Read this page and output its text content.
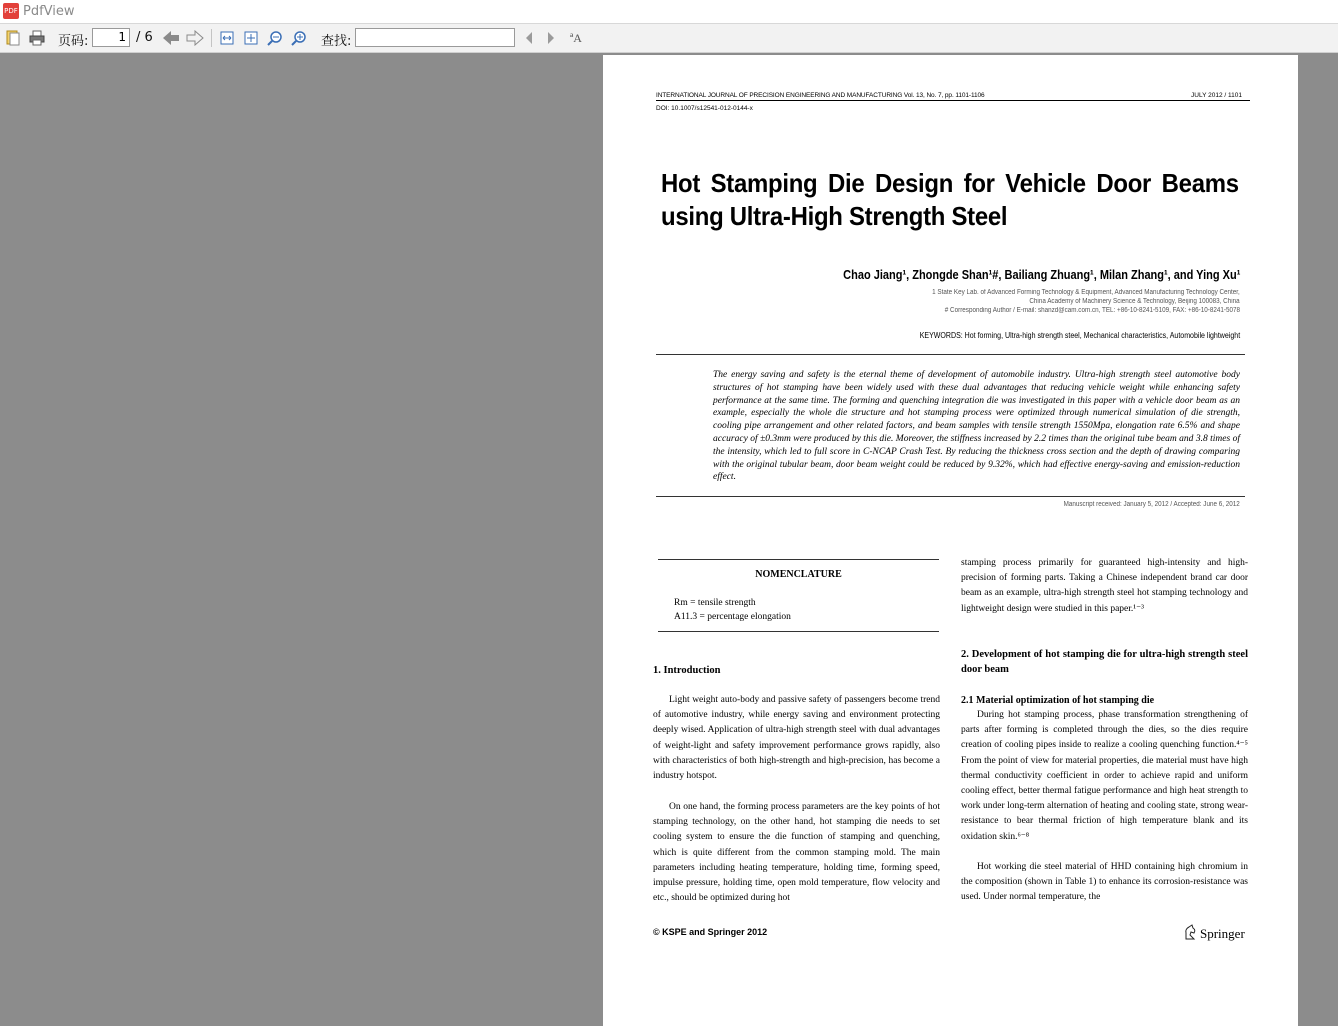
PDF PdfView
页码:	1 / 6	查找:	ªA
INTERNATIONAL JOURNAL OF PRECISION ENGINEERING AND MANUFACTURING Vol. 13, No. 7, pp. 1101-1106	JULY 2012 / 1101
DOI: 10.1007/s12541-012-0144-x
Hot Stamping Die Design for Vehicle Door Beams using Ultra-High Strength Steel
Chao Jiang¹, Zhongde Shan¹#, Bailiang Zhuang¹, Milan Zhang¹, and Ying Xu¹
1 State Key Lab. of Advanced Forming Technology & Equipment, Advanced Manufacturing Technology Center,
China Academy of Machinery Science & Technology, Beijing 100083, China
# Corresponding Author / E-mail: shanzd@cam.com.cn, TEL: +86-10-8241-5109, FAX: +86-10-8241-5078
KEYWORDS: Hot forming, Ultra-high strength steel, Mechanical characteristics, Automobile lightweight
The energy saving and safety is the eternal theme of development of automobile industry. Ultra-high strength steel automotive body structures of hot stamping have been widely used with these dual advantages that reducing vehicle weight while enhancing safety performance at the same time. The forming and quenching integration die was investigated in this paper with a vehicle door beam as an example, especially the whole die structure and hot stamping process were optimized through numerical simulation of die strength, cooling pipe arrangement and other related factors, and beam samples with tensile strength 1550Mpa, elongation rate 6.5% and shape accuracy of ±0.3mm were produced by this die. Moreover, the stiffness increased by 2.2 times than the original tube beam and 3.8 times of the intensity, which led to full score in C-NCAP Crash Test. By reducing the thickness cross section and the depth of drawing comparing with the original tubular beam, door beam weight could be reduced by 9.32%, which had effective energy-saving and emission-reduction effect.
Manuscript received: January 5, 2012 / Accepted: June 6, 2012
NOMENCLATURE
Rm = tensile strength
A11.3 = percentage elongation
1. Introduction
Light weight auto-body and passive safety of passengers become trend of automotive industry, while energy saving and environment protecting deeply wised. Application of ultra-high strength steel with dual advantages of weight-light and safety improvement performance grows rapidly, also with characteristics of both high-strength and high-precision, has become a industry hotspot.
On one hand, the forming process parameters are the key points of hot stamping technology, on the other hand, hot stamping die needs to set cooling system to ensure the die function of stamping and quenching, which is quite different from the common stamping mold. The main parameters including heating temperature, holding time, forming speed, impulse pressure, holding time, open mold temperature, flow velocity and etc., should be optimized during hot
stamping process primarily for guaranteed high-intensity and high-precision of forming parts. Taking a Chinese independent brand car door beam as an example, ultra-high strength steel hot stamping technology and lightweight design were studied in this paper.¹⁻³
2. Development of hot stamping die for ultra-high strength steel door beam
2.1 Material optimization of hot stamping die
During hot stamping process, phase transformation strengthening of parts after forming is completed through the dies, so the dies require creation of cooling pipes inside to realize a cooling quenching function.⁴⁻⁵ From the point of view for material properties, die material must have high thermal conductivity coefficient in order to achieve rapid and uniform cooling effect, better thermal fatigue performance and high heat strength to work under long-term alternation of heating and cooling state, strong wear-resistance to bear thermal friction of high temperature blank and its oxidation skin.⁶⁻⁸
Hot working die steel material of HHD containing high chromium in the composition (shown in Table 1) to enhance its corrosion-resistance was used. Under normal temperature, the
© KSPE and Springer 2012	Springer
